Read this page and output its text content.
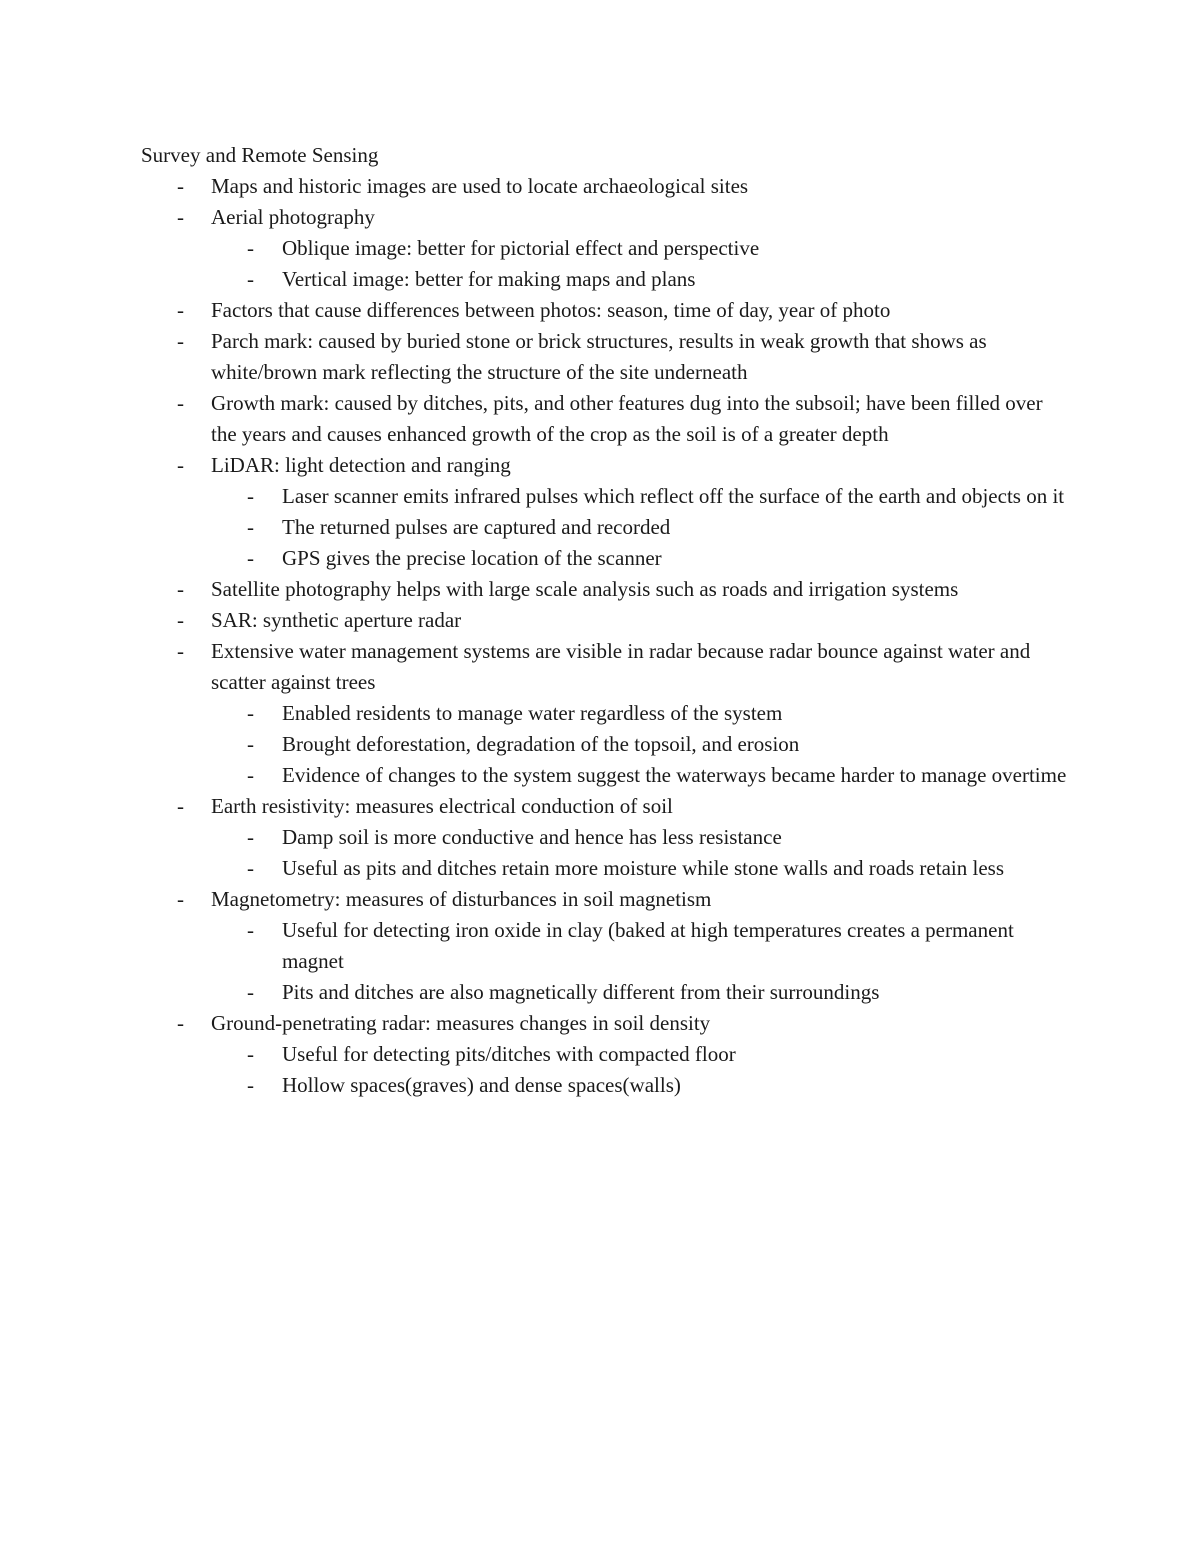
Survey and Remote Sensing
- Maps and historic images are used to locate archaeological sites
- Aerial photography
- Oblique image: better for pictorial effect and perspective
- Vertical image: better for making maps and plans
- Factors that cause differences between photos: season, time of day, year of photo
- Parch mark: caused by buried stone or brick structures, results in weak growth that shows as white/brown mark reflecting the structure of the site underneath
- Growth mark: caused by ditches, pits, and other features dug into the subsoil; have been filled over the years and causes enhanced growth of the crop as the soil is of a greater depth
- LiDAR: light detection and ranging
- Laser scanner emits infrared pulses which reflect off the surface of the earth and objects on it
- The returned pulses are captured and recorded
- GPS gives the precise location of the scanner
- Satellite photography helps with large scale analysis such as roads and irrigation systems
- SAR: synthetic aperture radar
- Extensive water management systems are visible in radar because radar bounce against water and scatter against trees
- Enabled residents to manage water regardless of the system
- Brought deforestation, degradation of the topsoil, and erosion
- Evidence of changes to the system suggest the waterways became harder to manage overtime
- Earth resistivity: measures electrical conduction of soil
- Damp soil is more conductive and hence has less resistance
- Useful as pits and ditches retain more moisture while stone walls and roads retain less
- Magnetometry: measures of disturbances in soil magnetism
- Useful for detecting iron oxide in clay (baked at high temperatures creates a permanent magnet
- Pits and ditches are also magnetically different from their surroundings
- Ground-penetrating radar: measures changes in soil density
- Useful for detecting pits/ditches with compacted floor
- Hollow spaces(graves) and dense spaces(walls)
